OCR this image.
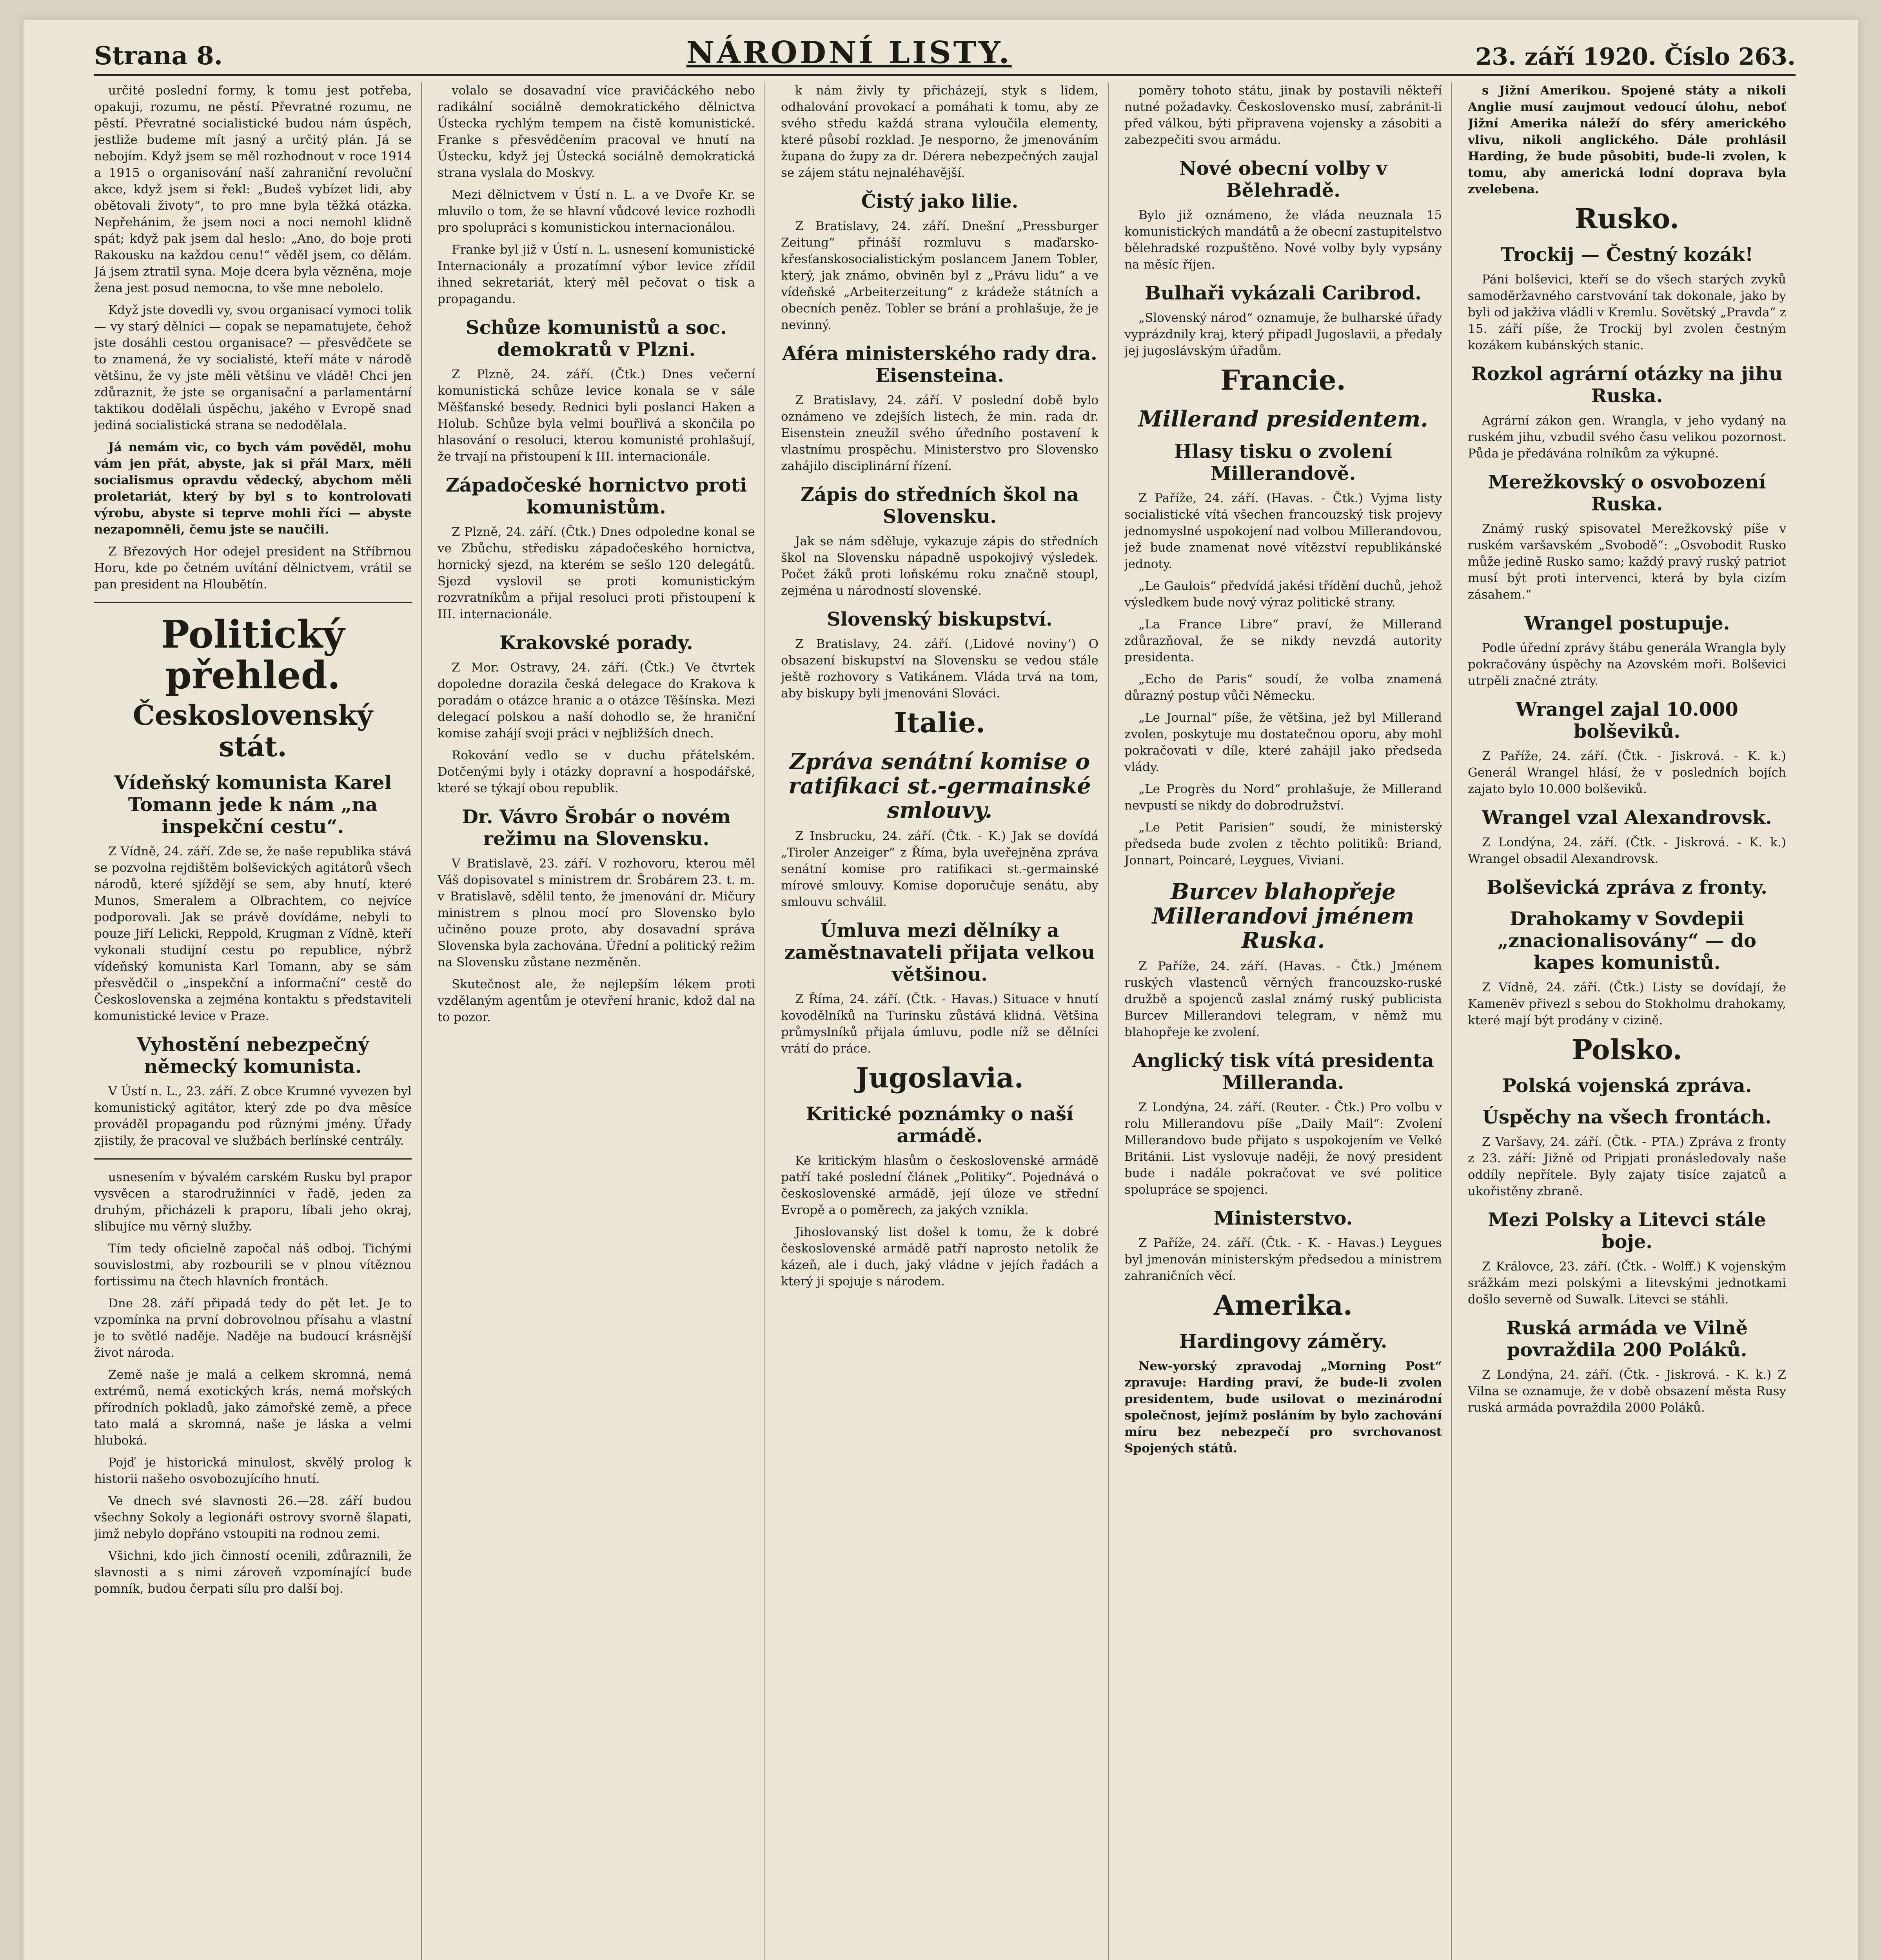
Strana 8.	NÁRODNÍ LISTY.	23. září 1920. Číslo 263.

určité poslední formy, k tomu jest potřeba, opakuji, rozumu, ne pěstí. Převratné rozumu, ne pěstí. Převratné socialistické budou nám úspěch, jestliže budeme mít jasný a určitý plán. Já se nebojím. Když jsem se měl rozhodnout v roce 1914 a 1915 o organisování naší zahraniční revoluční akce, když jsem si řekl: „Budeš vybízet lidi, aby obětovali životy“, to pro mne byla těžká otázka. Nepřehánim, že jsem noci a noci nemohl klidně spát; když pak jsem dal heslo: „Ano, do boje proti Rakousku na každou cenu!“ věděl jsem, co dělám. Já jsem ztratil syna. Moje dcera byla vězněna, moje žena jest posud nemocna, to vše mne nebolelo.

Když jste dovedli vy, svou organisací vymoci tolik — vy starý dělníci — copak se nepamatujete, čehož jste dosáhli cestou organisace? — přesvědčete se to znamená, že vy socialisté, kteří máte v národě většinu, že vy jste měli většinu ve vládě! Chci jen zdůraznit, že jste se organisační a parlamentární taktikou dodělali úspěchu, jakého v Evropě snad jediná socialistická strana se nedodělala.

Já nemám vic, co bych vám pověděl, mohu vám jen přát, abyste, jak si přál Marx, měli socialismus opravdu vědecký, abychom měli proletariát, který by byl s to kontrolovati výrobu, abyste si teprve mohli říci — abyste nezapomněli, čemu jste se naučili.

Z Březových Hor odejel president na Stříbrnou Horu, kde po četném uvítání dělnictvem, vrátil se pan president na Hloubětín.

Politický přehled.
Československý stát.
Vídeňský komunista Karel Tomann jede k nám „na inspekční cestu“.

Z Vídně, 24. září. Zde se, že naše republika stává se pozvolna rejdištěm bolševických agitátorů všech národů, které sjíždějí se sem, aby hnutí, které Munos, Smeralem a Olbrachtem, co nejvíce podporovali. Jak se právě dovídáme, nebyli to pouze Jiří Lelicki, Reppold, Krugman z Vídně, kteří vykonali studijní cestu po republice, nýbrž vídeňský komunista Karl Tomann, aby se sám přesvědčil o „inspekční a informační“ cestě do Československa a zejména kontaktu s představiteli komunistické levice v Praze.

Vyhostění nebezpečný německý komunista.

V Ústí n. L., 23. září. Z obce Krumné vyvezen byl komunistický agitátor, který zde po dva měsíce prováděl propagandu pod různými jmény. Úřady zjistily, že pracoval ve službách berlínské centrály.

usnesením v bývalém carském Rusku byl prapor vysvěcen a starodružinníci v řadě, jeden za druhým, přicházeli k praporu, líbali jeho okraj, slibujíce mu věrný služby.

Tím tedy oficielně započal náš odboj. Tichými souvislostmi, aby rozbourili se v plnou vítěznou fortissimu na čtech hlavních frontách.

Dne 28. září připadá tedy do pět let. Je to vzpomínka na první dobrovolnou přísahu a vlastní je to světlé naděje. Naděje na budoucí krásnější život národa.

Země naše je malá a celkem skromná, nemá extrémů, nemá exotických krás, nemá mořských přírodních pokladů, jako zámořské země, a přece tato malá a skromná, naše je láska a velmi hluboká.

Pojď je historická minulost, skvělý prolog k historii našeho osvobozujícího hnutí.

Ve dnech své slavnosti 26.—28. září budou všechny Sokoly a legionáři ostrovy svorně šlapati, jimž nebylo dopřáno vstoupiti na rodnou zemi.

Všichni, kdo jich činností ocenili, zdůraznili, že slavnosti a s nimi zároveň vzpomínající bude pomník, budou čerpati sílu pro další boj.

volalo se dosavadní více pravičáckého nebo radikální sociálně demokratického dělnictva Ústecka rychlým tempem na čistě komunistické. Franke s přesvědčením pracoval ve hnutí na Ústecku, když jej Ústecká sociálně demokratická strana vyslala do Moskvy.

Mezi dělnictvem v Ústí n. L. a ve Dvoře Kr. se mluvilo o tom, že se hlavní vůdcové levice rozhodli pro spolupráci s komunistickou internacionálou.

Franke byl již v Ústí n. L. usnesení komunistické Internacionály a prozatímní výbor levice zřídil ihned sekretariát, který měl pečovat o tisk a propagandu.

Schůze komunistů a soc. demokratů v Plzni.

Z Plzně, 24. září. (Čtk.) Dnes večerní komunistická schůze levice konala se v sále Měšťanské besedy. Rednici byli poslanci Haken a Holub. Schůze byla velmi bouřlivá a skončila po hlasování o resoluci, kterou komunisté prohlašují, že trvají na přistoupení k III. internacionále.

Západočeské hornictvo proti komunistům.

Z Plzně, 24. září. (Čtk.) Dnes odpoledne konal se ve Zbůchu, středisku západočeského hornictva, hornický sjezd, na kterém se sešlo 120 delegátů. Sjezd vyslovil se proti komunistickým rozvratníkům a přijal resoluci proti přistoupení k III. internacionále.

Krakovské porady.

Z Mor. Ostravy, 24. září. (Čtk.) Ve čtvrtek dopoledne dorazila česká delegace do Krakova k poradám o otázce hranic a o otázce Těšínska. Mezi delegací polskou a naší dohodlo se, že hraniční komise zahájí svoji práci v nejbližších dnech.

Rokování vedlo se v duchu přátelském. Dotčenými byly i otázky dopravní a hospodářské, které se týkají obou republik.

Dr. Vávro Šrobár o novém režimu na Slovensku.

V Bratislavě, 23. září. V rozhovoru, kterou měl Váš dopisovatel s ministrem dr. Šrobárem 23. t. m. v Bratislavě, sdělil tento, že jmenování dr. Mičury ministrem s plnou mocí pro Slovensko bylo učiněno pouze proto, aby dosavadní správa Slovenska byla zachována. Úřední a politický režim na Slovensku zůstane nezměněn.

Skutečnost ale, že nejlepším lékem proti vzdělaným agentům je otevření hranic, kdož dal na to pozor.

k nám živly ty přicházejí, styk s lidem, odhalování provokací a pomáhati k tomu, aby ze svého středu každá strana vyloučila elementy, které působí rozklad. Je nesporno, že jmenováním župana do župy za dr. Dérera nebezpečných zaujal se zájem státu nejnaléhavější.

Čistý jako lilie.

Z Bratislavy, 24. září. Dnešní „Pressburger Zeitung“ přináší rozmluvu s maďarsko-křesťanskosocialistickým poslancem Janem Tobler, který, jak známo, obviněn byl z „Právu lidu“ a ve vídeňské „Arbeiterzeitung“ z krádeže státních a obecních peněz. Tobler se brání a prohlašuje, že je nevinný.

Aféra ministerského rady dra. Eisensteina.

Z Bratislavy, 24. září. V poslední době bylo oznámeno ve zdejších listech, že min. rada dr. Eisenstein zneužil svého úředního postavení k vlastnímu prospěchu. Ministerstvo pro Slovensko zahájilo disciplinární řízení.

Zápis do středních škol na Slovensku.

Jak se nám sděluje, vykazuje zápis do středních škol na Slovensku nápadně uspokojivý výsledek. Počet žáků proti loňskému roku značně stoupl, zejména u národností slovenské.

Slovenský biskupství.

Z Bratislavy, 24. září. (‚Lidové noviny‘) O obsazení biskupství na Slovensku se vedou stále ještě rozhovory s Vatikánem. Vláda trvá na tom, aby biskupy byli jmenováni Slováci.

Italie.
Zpráva senátní komise o ratifikaci st.-germainské smlouvy.

Z Insbrucku, 24. září. (Čtk. - K.) Jak se dovídá „Tiroler Anzeiger“ z Říma, byla uveřejněna zpráva senátní komise pro ratifikaci st.-germainské mírové smlouvy. Komise doporučuje senátu, aby smlouvu schválil.

Úmluva mezi dělníky a zaměstnavateli přijata velkou většinou.

Z Říma, 24. září. (Čtk. - Havas.) Situace v hnutí kovodělníků na Turinsku zůstává klidná. Většina průmyslníků přijala úmluvu, podle níž se dělníci vrátí do práce.

Jugoslavia.
Kritické poznámky o naší armádě.

Ke kritickým hlasům o československé armádě patří také poslední článek „Politiky“. Pojednává o československé armádě, její úloze ve střední Evropě a o poměrech, za jakých vznikla.

Jihoslovanský list došel k tomu, že k dobré československé armádě patří naprosto netolik že kázeň, ale i duch, jaký vládne v jejích řadách a který ji spojuje s národem.

poměry tohoto státu, jinak by postavili někteří nutné požadavky. Československo musí, zabránit-li před válkou, býti připravena vojensky a zásobiti a zabezpečiti svou armádu.

Nové obecní volby v Bělehradě.

Bylo již oznámeno, že vláda neuznala 15 komunistických mandátů a že obecní zastupitelstvo bělehradské rozpuštěno. Nové volby byly vypsány na měsíc říjen.

Bulhaři vykázali Caribrod.

„Slovenský národ“ oznamuje, že bulharské úřady vyprázdnily kraj, který připadl Jugoslavii, a předaly jej jugoslávským úřadům.

Francie.
Millerand presidentem.
Hlasy tisku o zvolení Millerandově.

Z Paříže, 24. září. (Havas. - Čtk.) Vyjma listy socialistické vítá všechen francouzský tisk projevy jednomyslné uspokojení nad volbou Millerandovou, jež bude znamenat nové vítězství republikánské jednoty.

„Le Gaulois“ předvídá jakési třídění duchů, jehož výsledkem bude nový výraz politické strany.

„La France Libre“ praví, že Millerand zdůrazňoval, že se nikdy nevzdá autority presidenta.

„Echo de Paris“ soudí, že volba znamená důrazný postup vůči Německu.

„Le Journal“ píše, že většina, jež byl Millerand zvolen, poskytuje mu dostatečnou oporu, aby mohl pokračovati v díle, které zahájil jako předseda vlády.

„Le Progrès du Nord“ prohlašuje, že Millerand nevpustí se nikdy do dobrodružství.

„Le Petit Parisien“ soudí, že ministerský předseda bude zvolen z těchto politiků: Briand, Jonnart, Poincaré, Leygues, Viviani.

Burcev blahopřeje Millerandovi jménem Ruska.

Z Paříže, 24. září. (Havas. - Čtk.) Jménem ruských vlastenců věrných francouzsko-ruské družbě a spojenců zaslal známý ruský publicista Burcev Millerandovi telegram, v němž mu blahopřeje ke zvolení.

Anglický tisk vítá presidenta Milleranda.

Z Londýna, 24. září. (Reuter. - Čtk.) Pro volbu v rolu Millerandovu píše „Daily Mail“: Zvolení Millerandovo bude přijato s uspokojením ve Velké Británii. List vyslovuje naději, že nový president bude i nadále pokračovat ve své politice spolupráce se spojenci.

Ministerstvo.

Z Paříže, 24. září. (Čtk. - K. - Havas.) Leygues byl jmenován ministerským předsedou a ministrem zahraničních věcí.

Amerika.
Hardingovy záměry.

New-yorský zpravodaj „Morning Post“ zpravuje: Harding praví, že bude-li zvolen presidentem, bude usilovat o mezinárodní společnost, jejímž posláním by bylo zachování míru bez nebezpečí pro svrchovanost Spojených států.

s Jižní Amerikou. Spojené státy a nikoli Anglie musí zaujmout vedoucí úlohu, neboť Jižní Amerika náleží do sféry amerického vlivu, nikoli anglického. Dále prohlásil Harding, že bude působiti, bude-li zvolen, k tomu, aby americká lodní doprava byla zvelebena.

Rusko.
Trockij — Čestný kozák!

Páni bolševici, kteří se do všech starých zvyků samoděržavného carstvování tak dokonale, jako by byli od jakživa vládli v Kremlu. Sovětský „Pravda“ z 15. září píše, že Trockij byl zvolen čestným kozákem kubánských stanic.

Rozkol agrární otázky na jihu Ruska.

Agrární zákon gen. Wrangla, v jeho vydaný na ruském jihu, vzbudil svého času velikou pozornost. Půda je předávána rolníkům za výkupné.

Merežkovský o osvobození Ruska.

Známý ruský spisovatel Merežkovský píše v ruském varšavském „Svobodě“: „Osvobodit Rusko může jedině Rusko samo; každý pravý ruský patriot musí být proti intervenci, která by byla cizím zásahem.“

Wrangel postupuje.

Podle úřední zprávy štábu generála Wrangla byly pokračovány úspěchy na Azovském moři. Bolševici utrpěli značné ztráty.

Wrangel zajal 10.000 bolševiků.

Z Paříže, 24. září. (Čtk. - Jiskrová. - K. k.) Generál Wrangel hlásí, že v posledních bojích zajato bylo 10.000 bolševiků.

Wrangel vzal Alexandrovsk.

Z Londýna, 24. září. (Čtk. - Jiskrová. - K. k.) Wrangel obsadil Alexandrovsk.

Bolševická zpráva z fronty.
Drahokamy v Sovdepii „znacionalisovány“ — do kapes komunistů.

Z Vídně, 24. září. (Čtk.) Listy se dovídají, že Kamenëv přivezl s sebou do Stokholmu drahokamy, které mají být prodány v cizině.

Polsko.
Polská vojenská zpráva.
Úspěchy na všech frontách.

Z Varšavy, 24. září. (Čtk. - PTA.) Zpráva z fronty z 23. září: Jižně od Pripjati pronásledovaly naše oddíly nepřítele. Byly zajaty tisíce zajatců a ukořistěny zbraně.

Mezi Polsky a Litevci stále boje.

Z Královce, 23. září. (Čtk. - Wolff.) K vojenským srážkám mezi polskými a litevskými jednotkami došlo severně od Suwalk. Litevci se stáhli.

Ruská armáda ve Vilně povraždila 200 Poláků.

Z Londýna, 24. září. (Čtk. - Jiskrová. - K. k.) Z Vilna se oznamuje, že v době obsazení města Rusy ruská armáda povraždila 2000 Poláků.
